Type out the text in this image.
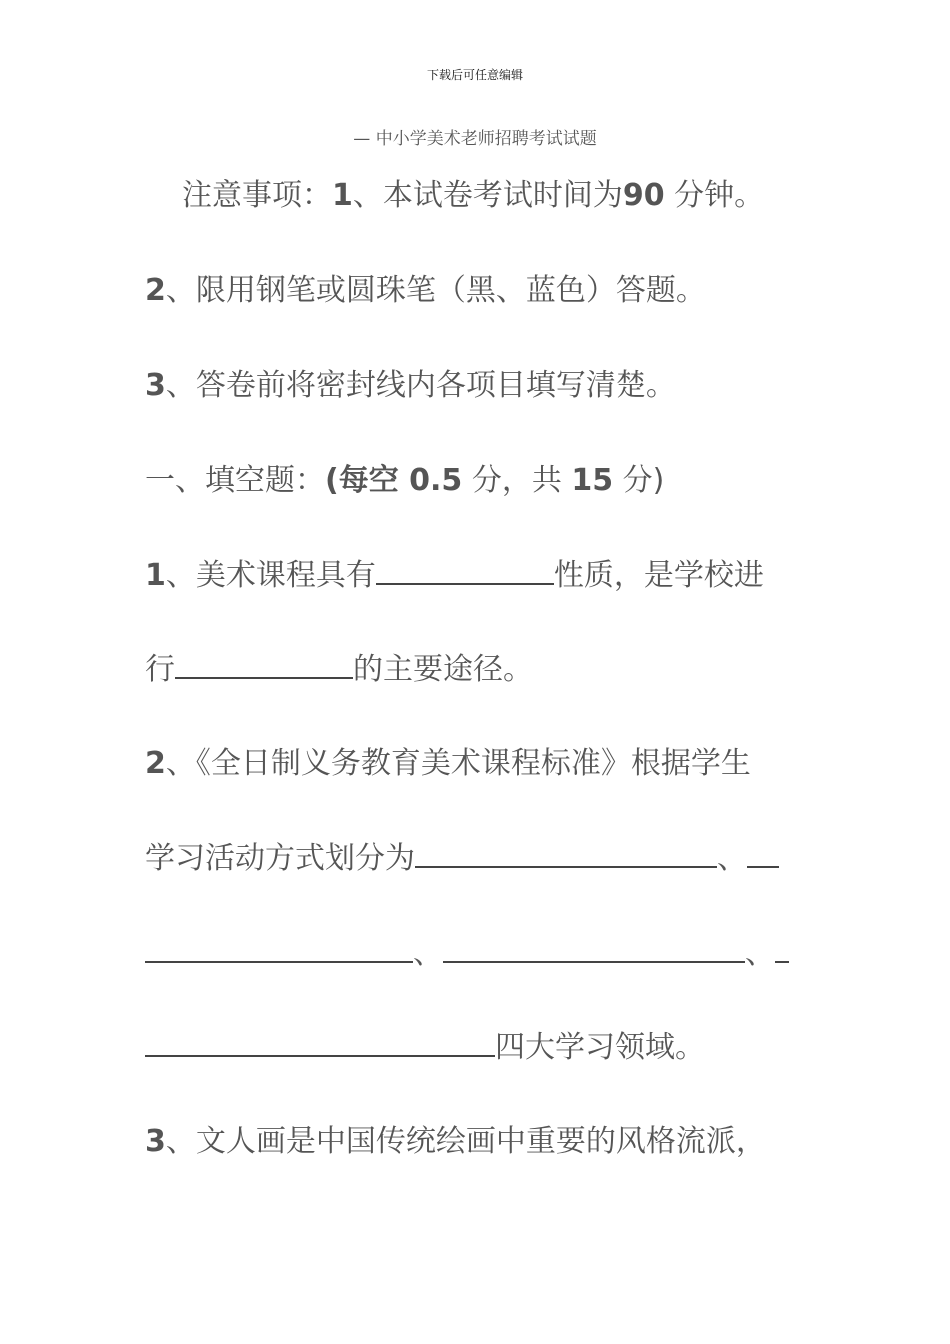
下载后可任意编辑
— 中小学美术老师招聘考试试题
注意事项：1、本试卷考试时间为90 分钟。
2、限用钢笔或圆珠笔（黑、蓝色）答题。
3、答卷前将密封线内各项目填写清楚。
一、填空题：(每空 0.5 分，共 15 分)
1、美术课程具有	性质，是学校进
行	的主要途径。
2、《全日制义务教育美术课程标准》根据学生
学习活动方式划分为	、
、	、
四大学习领域。
3、文人画是中国传统绘画中重要的风格流派，
